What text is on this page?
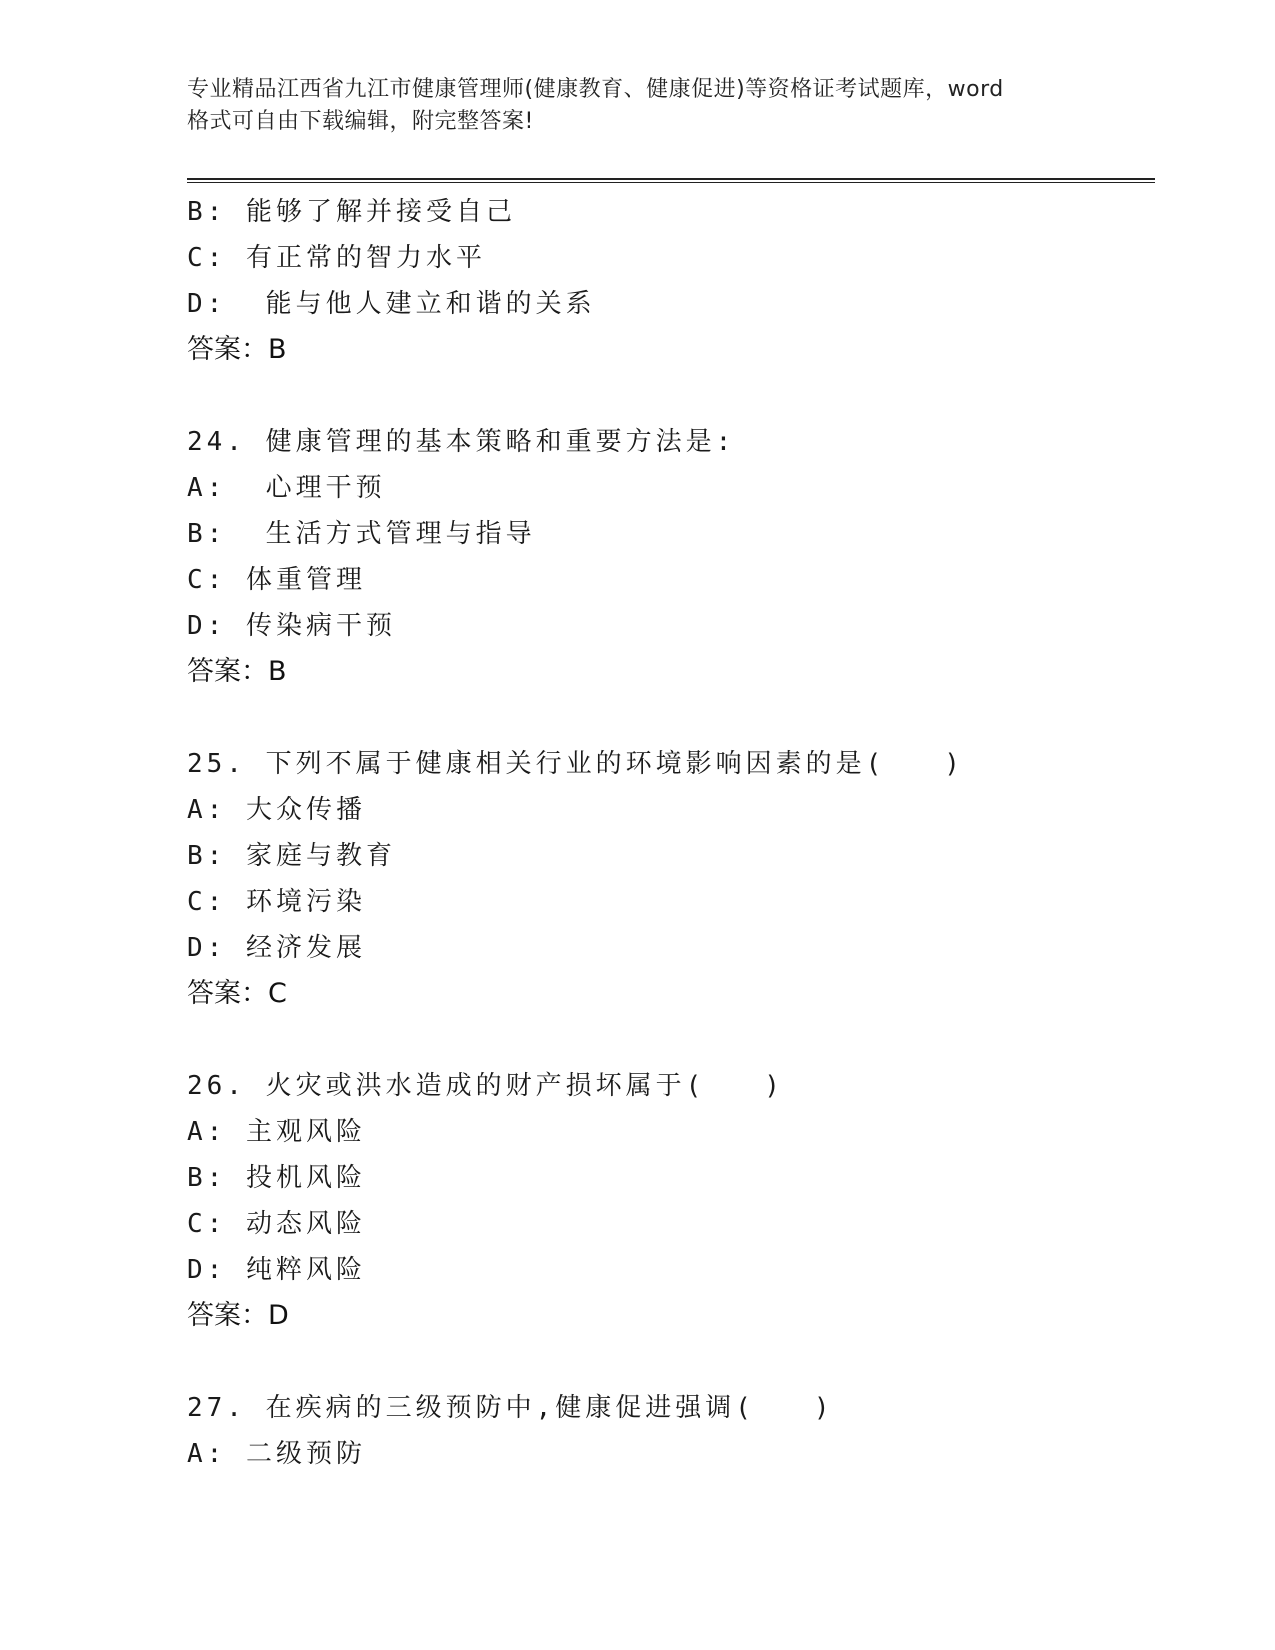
专业精品江西省九江市健康管理师(健康教育、健康促进)等资格证考试题库，word
格式可自由下载编辑，附完整答案!
B: 能够了解并接受自己
C: 有正常的智力水平
D:  能与他人建立和谐的关系
答案：B
24. 健康管理的基本策略和重要方法是:
A:  心理干预
B:  生活方式管理与指导
C: 体重管理
D: 传染病干预
答案：B
25. 下列不属于健康相关行业的环境影响因素的是(   )
A: 大众传播
B: 家庭与教育
C: 环境污染
D: 经济发展
答案：C
26. 火灾或洪水造成的财产损坏属于(   )
A: 主观风险
B: 投机风险
C: 动态风险
D: 纯粹风险
答案：D
27. 在疾病的三级预防中,健康促进强调(   )
A: 二级预防
